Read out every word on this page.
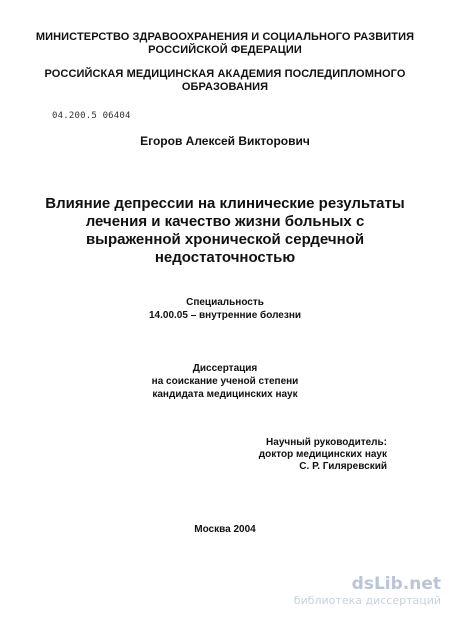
МИНИСТЕРСТВО ЗДРАВООХРАНЕНИЯ И СОЦИАЛЬНОГО РАЗВИТИЯ
РОССИЙСКОЙ ФЕДЕРАЦИИ
РОССИЙСКАЯ МЕДИЦИНСКАЯ АКАДЕМИЯ ПОСЛЕДИПЛОМНОГО
ОБРАЗОВАНИЯ
04.200.5 06404
Егоров Алексей Викторович
Влияние депрессии на клинические результаты
лечения и качество жизни больных с
выраженной хронической сердечной
недостаточностью
Специальность
14.00.05 – внутренние болезни
Диссертация
на соискание ученой степени
кандидата медицинских наук
Научный руководитель:
доктор медицинских наук
С. Р. Гиляревский
Москва 2004
dsLib.net
библиотека диссертаций
